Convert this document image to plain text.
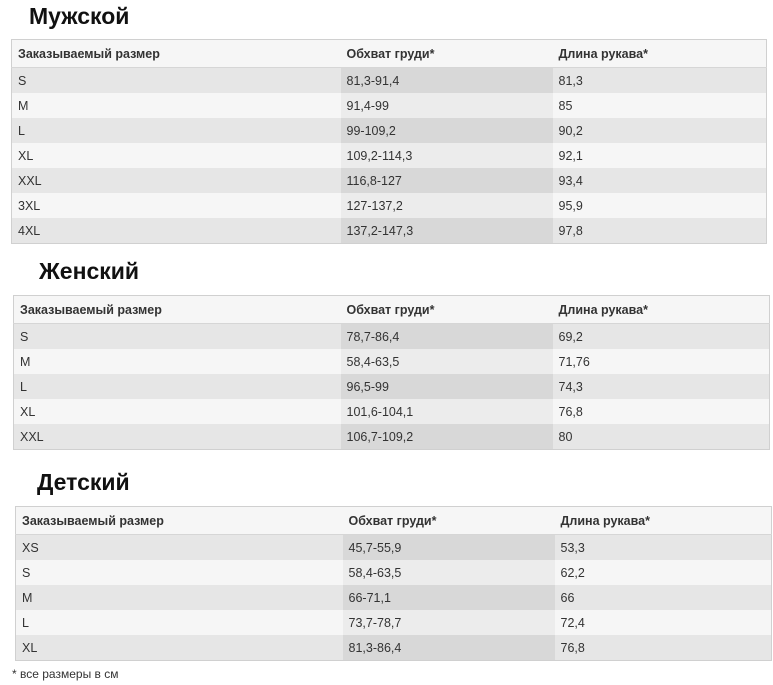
Мужской
Заказываемый размер	Обхват груди*	Длина рукава*
S	81,3-91,4	81,3
M	91,4-99	85
L	99-109,2	90,2
XL	109,2-114,3	92,1
XXL	116,8-127	93,4
3XL	127-137,2	95,9
4XL	137,2-147,3	97,8
Женский
Заказываемый размер	Обхват груди*	Длина рукава*
S	78,7-86,4	69,2
M	58,4-63,5	71,76
L	96,5-99	74,3
XL	101,6-104,1	76,8
XXL	106,7-109,2	80
Детский
Заказываемый размер	Обхват груди*	Длина рукава*
XS	45,7-55,9	53,3
S	58,4-63,5	62,2
M	66-71,1	66
L	73,7-78,7	72,4
XL	81,3-86,4	76,8

* все размеры в см
